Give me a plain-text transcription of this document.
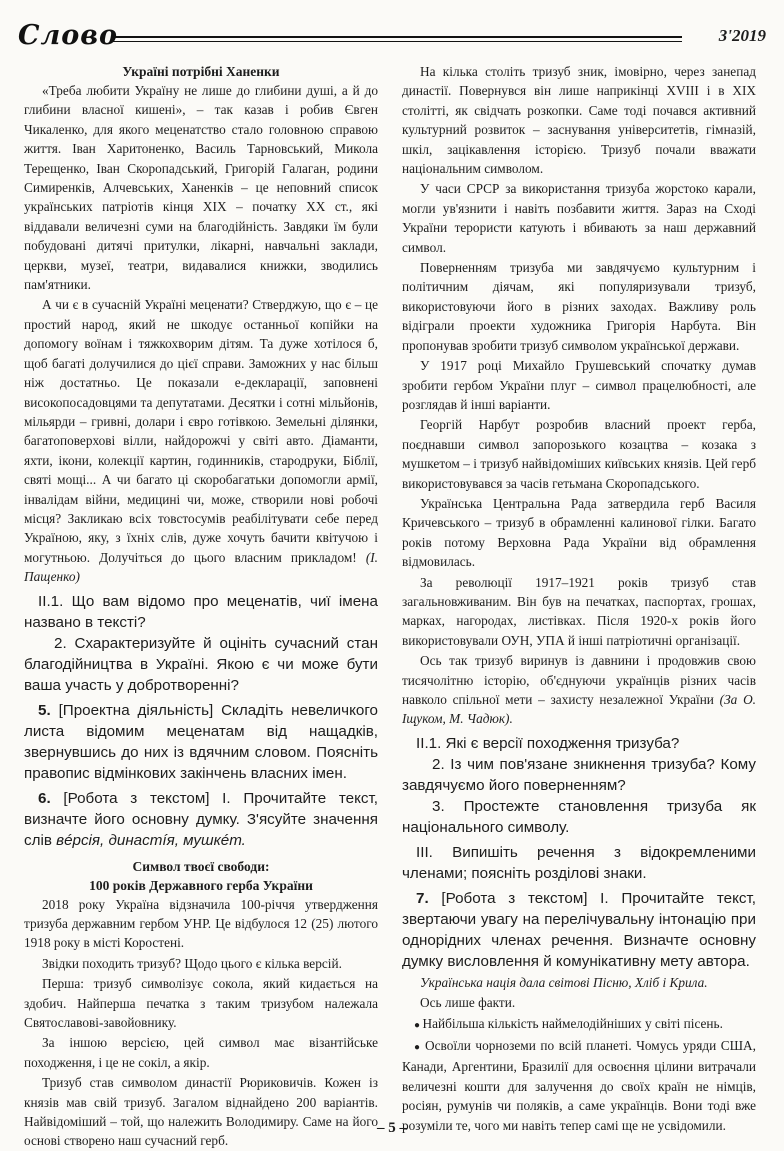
Слово	3'2019
Україні потрібні Ханенки

«Треба любити Україну не лише до глибини душі, а й до глибини власної кишені», – так казав і робив Євген Чикаленко, для якого меценатство стало головною справою життя. Іван Харитоненко, Василь Тарновський, Микола Терещенко, Іван Скоропадський, Григорій Галаган, родини Симиренків, Алчевських, Ханенків – це неповний список українських патріотів кінця XIX – початку XX ст., які віддавали величезні суми на благодійність. Завдяки їм були побудовані дитячі притулки, лікарні, навчальні заклади, церкви, музеї, театри, видавалися книжки, зводились пам'ятники.

А чи є в сучасній Україні меценати? Стверджую, що є – це простий народ, який не шкодує останньої копійки на допомогу воїнам і тяжкохворим дітям. Та дуже хотілося б, щоб багаті долучилися до цієї справи. Заможних у нас більш ніж достатньо. Це показали е-декларації, заповнені високопосадовцями та депутатами. Десятки і сотні мільйонів, мільярди – гривні, долари і євро готівкою. Земельні ділянки, багатоповерхові вілли, найдорожчі у світі авто. Діаманти, яхти, ікони, колекції картин, годинників, стародруки, Біблії, святі мощі... А чи багато ці скоробагатьки допомогли армії, інвалідам війни, медицині чи, може, створили нові робочі місця? Закликаю всіх товстосумів реабілітувати себе перед Україною, яку, з їхніх слів, дуже хочуть бачити квітучою і могутньою. Долучіться до цього власним прикладом! (І. Пащенко)

ІІ.1. Що вам відомо про меценатів, чиї імена названо в тексті?

2. Схарактеризуйте й оцініть сучасний стан благодійництва в Україні. Якою є чи може бути ваша участь у добротворенні?

5. [Проектна діяльність] Складіть невеличкого листа відомим меценатам від нащадків, звернувшись до них із вдячним словом. Поясніть правопис відмінкових закінчень власних імен.

6. [Робота з текстом] І. Прочитайте текст, визначте його основну думку. З'ясуйте значення слів вéрсія, династíя, мушкéт.

Символ твоєї свободи:
100 років Державного герба України

2018 року Україна відзначила 100-річчя утвердження тризуба державним гербом УНР. Це відбулося 12 (25) лютого 1918 року в місті Коростені.

Звідки походить тризуб? Щодо цього є кілька версій.

Перша: тризуб символізує сокола, який кидається на здобич. Найперша печатка з таким тризубом належала Святославові-завойовнику.

За іншою версією, цей символ має візантійське походження, і це не сокіл, а якір.

Тризуб став символом династії Рюриковичів. Кожен із князів мав свій тризуб. Загалом віднайдено 200 варіантів. Найвідоміший – той, що належить Володимиру. Саме на його основі створено наш сучасний герб.

На кілька століть тризуб зник, імовірно, через занепад династії. Повернувся він лише наприкінці XVIII і в XIX столітті, як свідчать розкопки. Саме тоді почався активний культурний розвиток – заснування університетів, гімназій, шкіл, зацікавлення історією. Тризуб почали вважати національним символом.

У часи СРСР за використання тризуба жорстоко карали, могли ув'язнити і навіть позбавити життя. Зараз на Сході України терористи катують і вбивають за наш державний символ.

Поверненням тризуба ми завдячуємо культурним і політичним діячам, які популяризували тризуб, використовуючи його в різних заходах. Важливу роль відіграли проекти художника Григорія Нарбута. Він пропонував зробити тризуб символом української держави.

У 1917 році Михайло Грушевський спочатку думав зробити гербом України плуг – символ працелюбності, але розглядав й інші варіанти.

Георгій Нарбут розробив власний проект герба, поєднавши символ запорозького козацтва – козака з мушкетом – і тризуб найвідоміших київських князів. Цей герб використовувався за часів гетьмана Скоропадського.

Українська Центральна Рада затвердила герб Василя Кричевського – тризуб в обрамленні калинової гілки. Багато років потому Верховна Рада України від обрамлення відмовилась.

За революції 1917–1921 років тризуб став загальновживаним. Він був на печатках, паспортах, грошах, марках, нагородах, листівках. Після 1920-х років його використовували ОУН, УПА й інші патріотичні організації.

Ось так тризуб виринув із давнини і продовжив свою тисячолітню історію, об'єднуючи українців різних часів навколо спільної мети – захисту незалежної України (За О. Іщуком, М. Чадюк).

ІІ.1. Які є версії походження тризуба?

2. Із чим пов'язане зникнення тризуба? Кому завдячуємо його поверненням?

3. Простежте становлення тризуба як національного символу.

ІІІ. Випишіть речення з відокремленими членами; поясніть розділові знаки.

7. [Робота з текстом] І. Прочитайте текст, звертаючи увагу на перелічувальну інтонацію при однорідних членах речення. Визначте основну думку висловлення й комунікативну мету автора.

Українська нація дала світові Пісню, Хліб і Крила.

Ось лише факти.

● Найбільша кількість наймелодійніших у світі пісень.

● Освоїли чорноземи по всій планеті. Чомусь уряди США, Канади, Аргентини, Бразилії для освоєння цілини витрачали величезні кошти для залучення до своїх країн не німців, росіян, румунів чи поляків, а саме українців. Вони тоді вже розуміли те, чого ми навіть тепер самі ще не усвідомили.

– 5 –
